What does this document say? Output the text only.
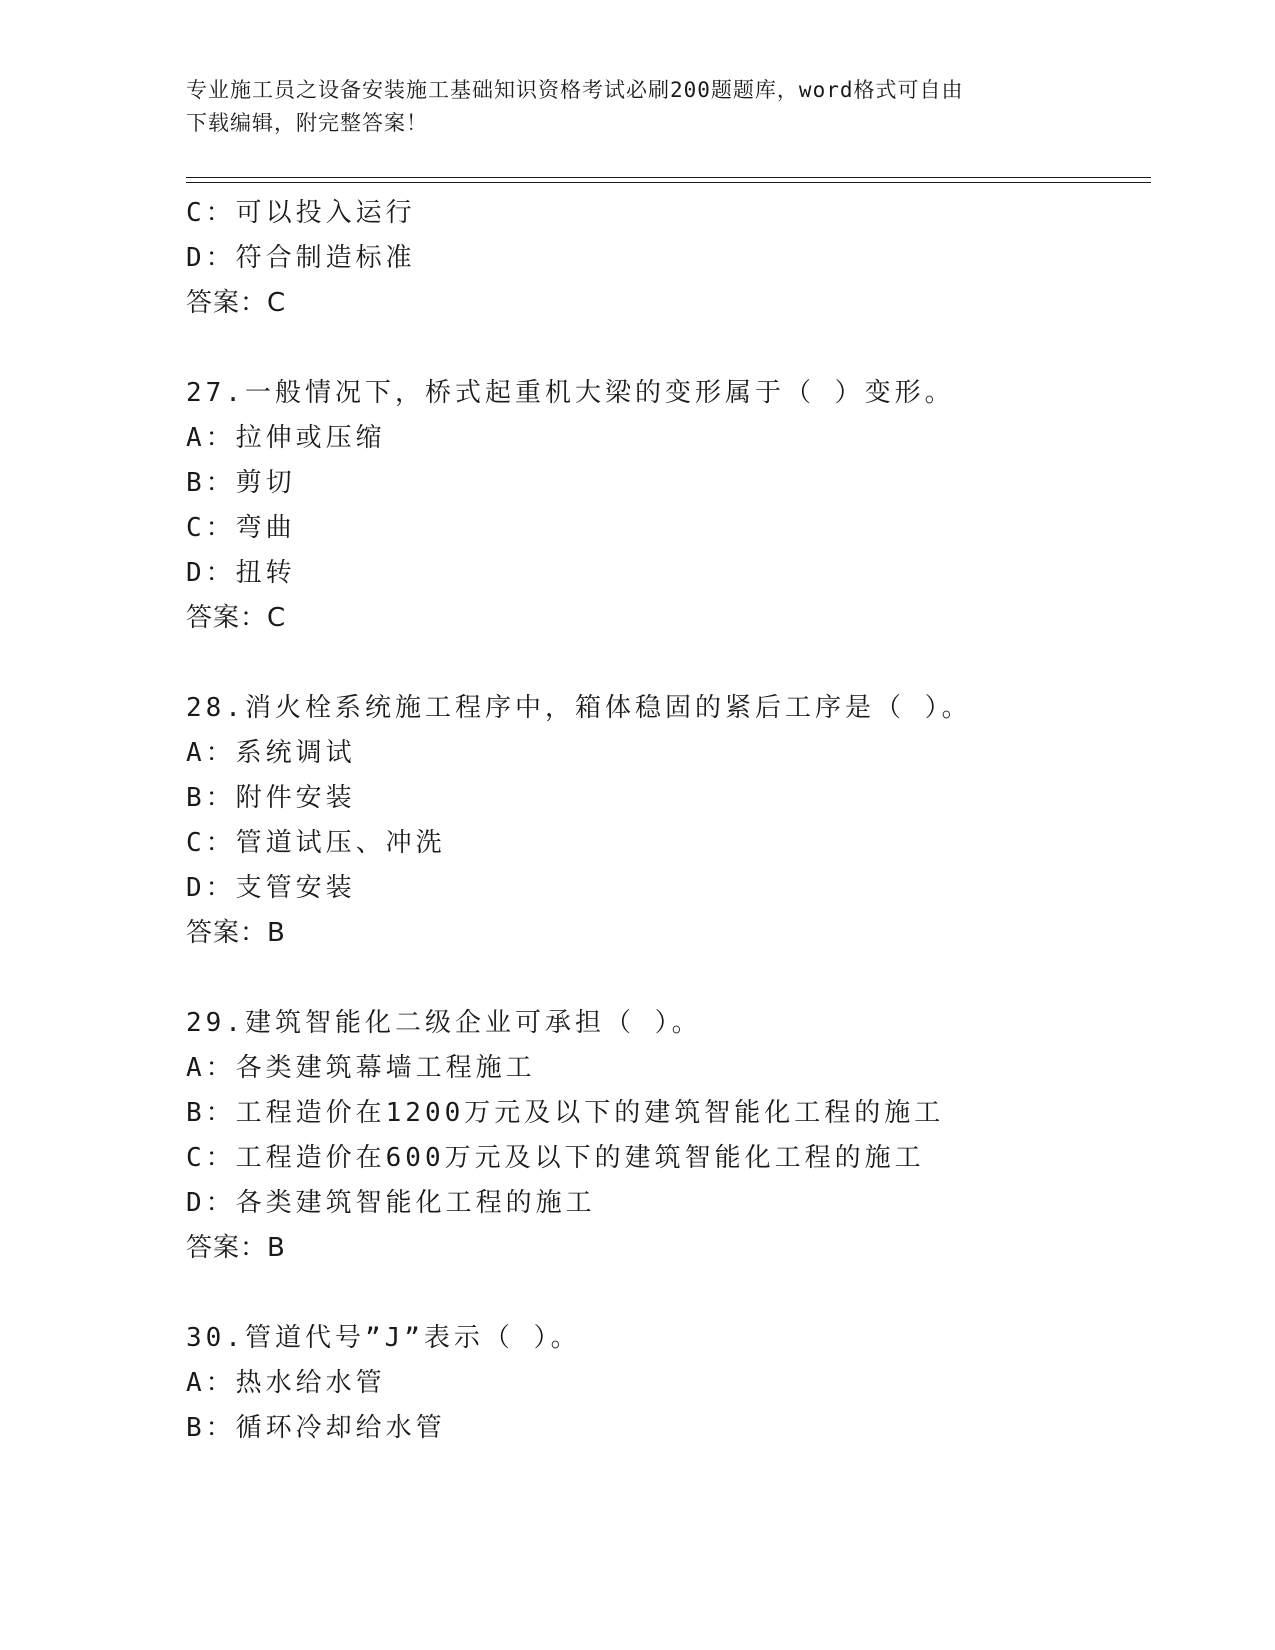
专业施工员之设备安装施工基础知识资格考试必刷200题题库，word格式可自由
下载编辑，附完整答案！
C：可以投入运行
D：符合制造标准
答案：C
27.一般情况下，桥式起重机大梁的变形属于（ ）变形。
A：拉伸或压缩
B：剪切
C：弯曲
D：扭转
答案：C
28.消火栓系统施工程序中，箱体稳固的紧后工序是（ ）。
A：系统调试
B：附件安装
C：管道试压、冲洗
D：支管安装
答案：B
29.建筑智能化二级企业可承担（ ）。
A：各类建筑幕墙工程施工
B：工程造价在1200万元及以下的建筑智能化工程的施工
C：工程造价在600万元及以下的建筑智能化工程的施工
D：各类建筑智能化工程的施工
答案：B
30.管道代号”J”表示（ ）。
A：热水给水管
B：循环冷却给水管
